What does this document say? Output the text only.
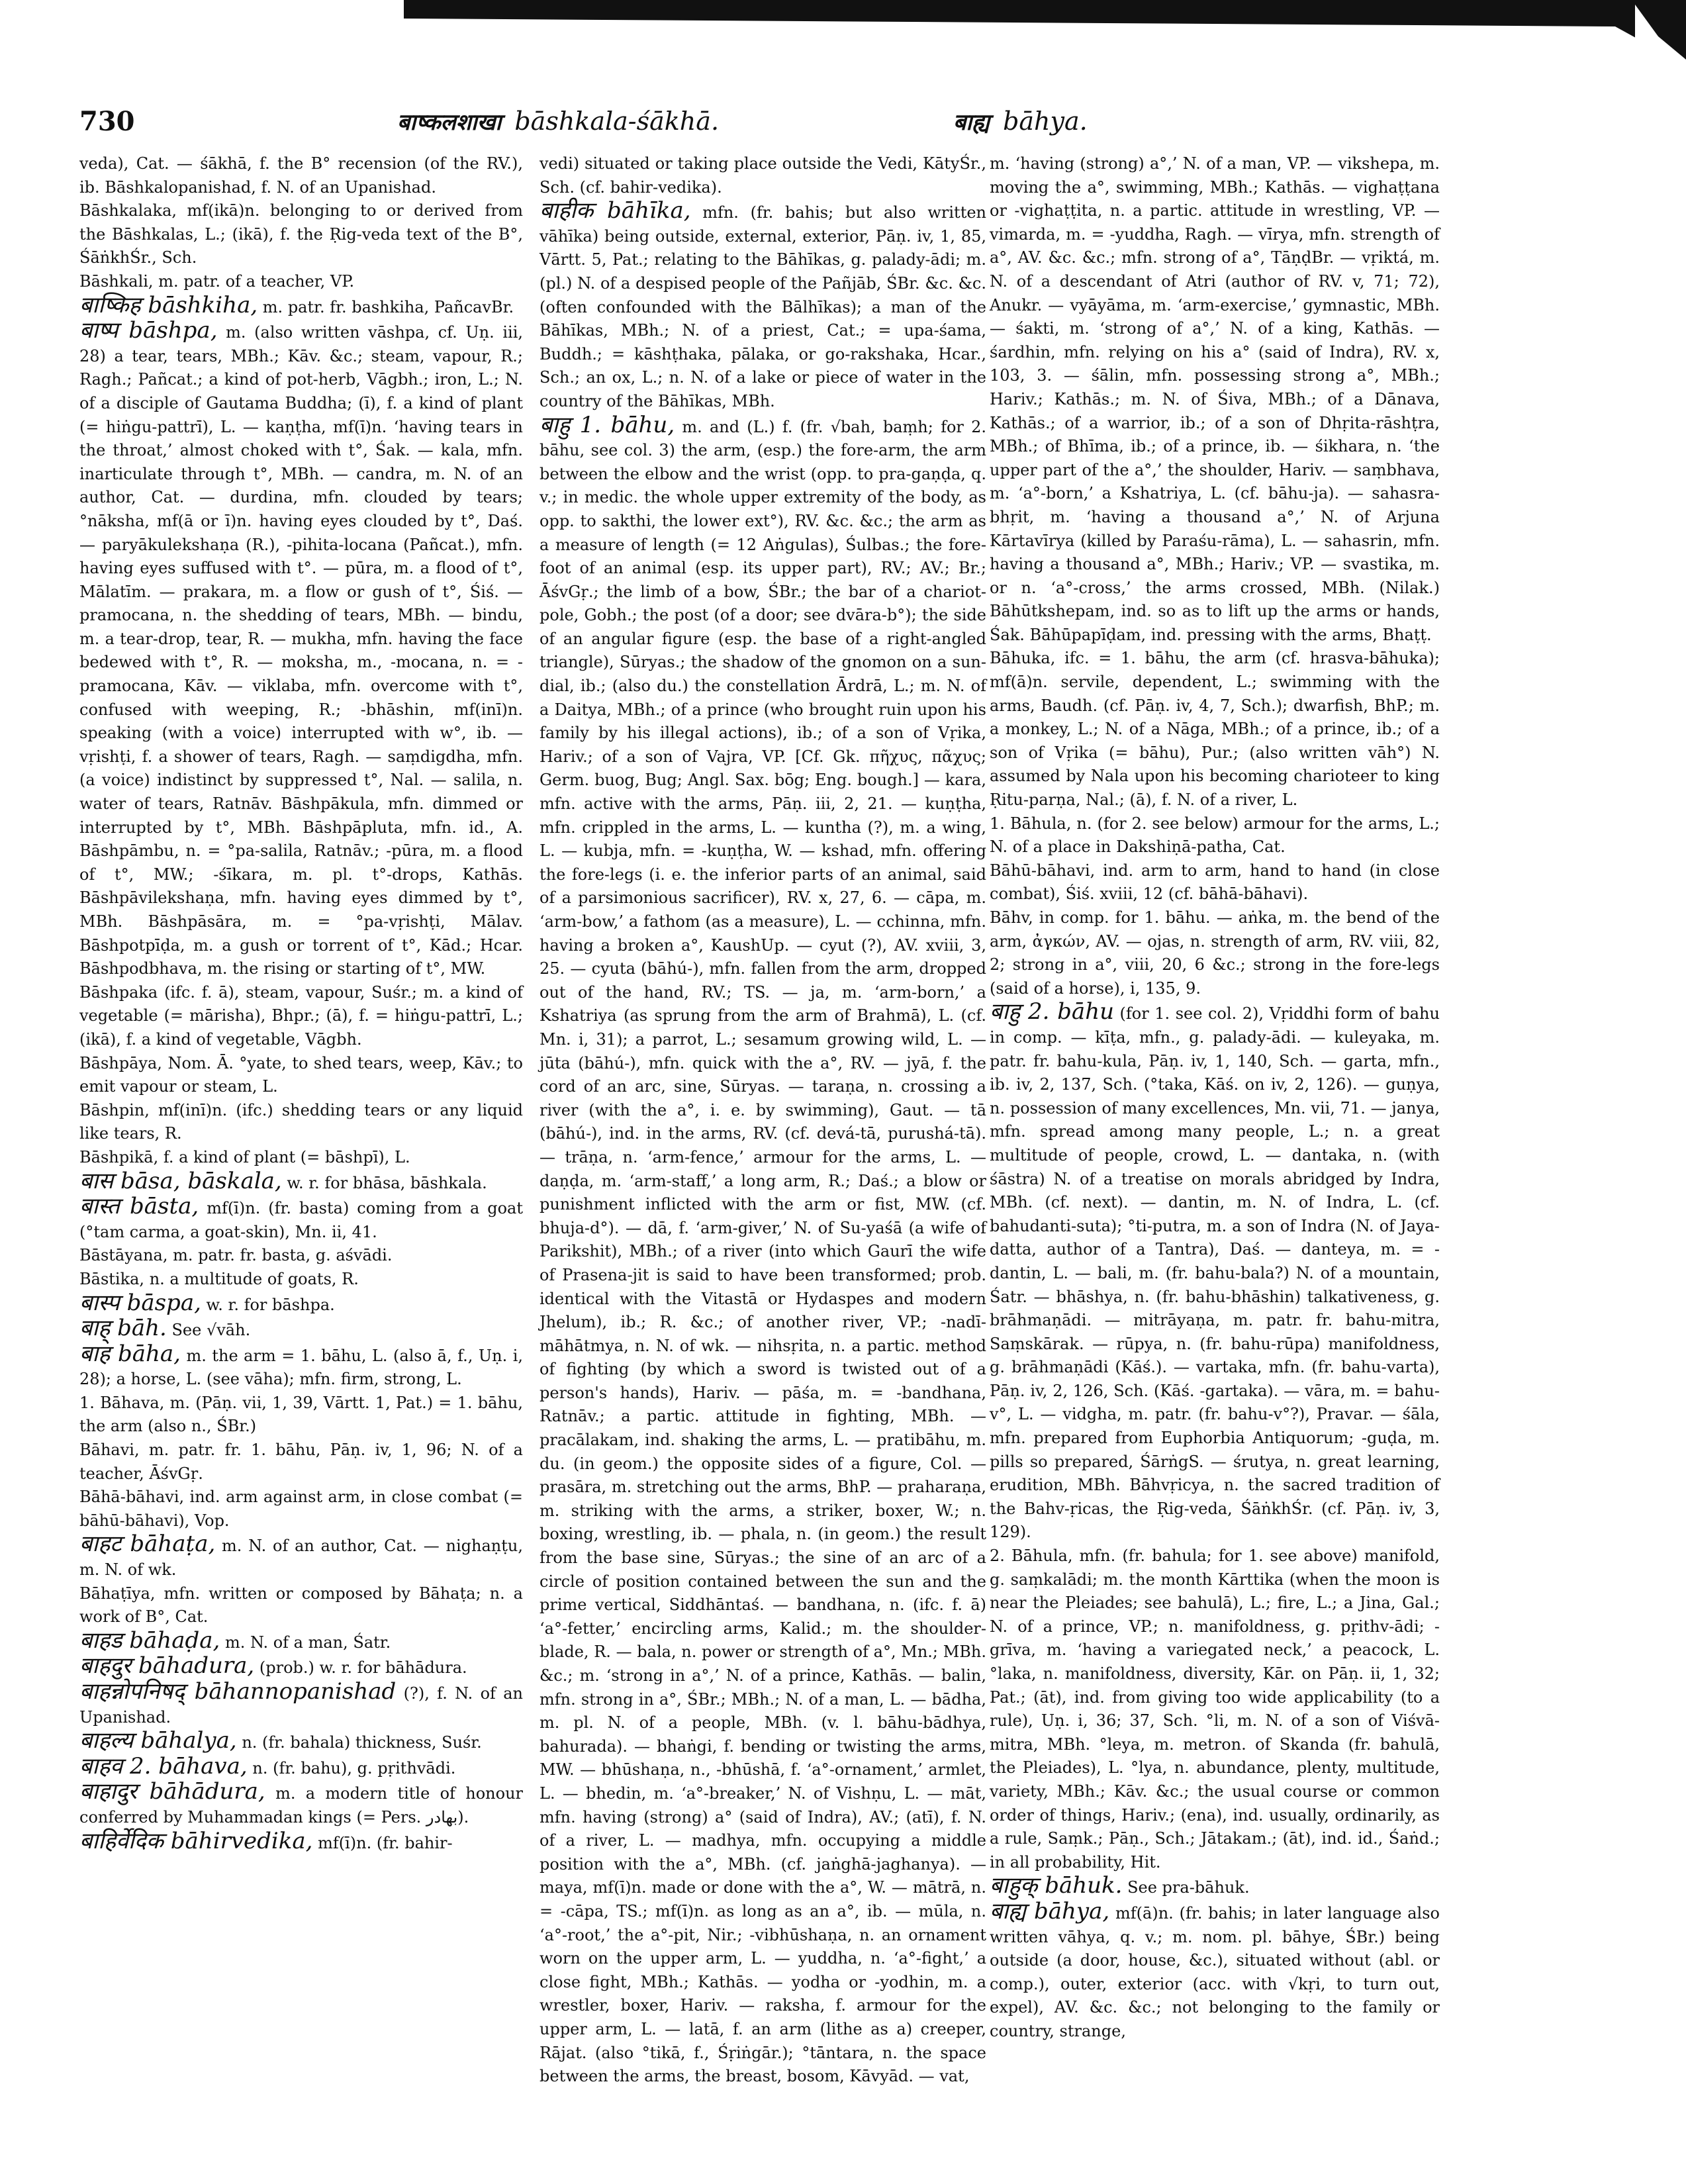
730	बाष्कलशाखा bāshkala-śākhā.	बाह्य bāhya.

veda), Cat. — śākhā, f. the B° recension (of the RV.), ib. Bāshkalopanishad, f. N. of an Upanishad.

Bāshkalaka, mf(ikā)n. belonging to or derived from the Bāshkalas, L.; (ikā), f. the Ṛig-veda text of the B°, ŚāṅkhŚr., Sch.

Bāshkali, m. patr. of a teacher, VP.

बाष्किह bāshkiha, m. patr. fr. bashkiha, PañcavBr.

बाष्प bāshpa, m. (also written vāshpa, cf. Uṇ. iii, 28) a tear, tears, MBh.; Kāv. &c.; steam, vapour, R.; Ragh.; Pañcat.; a kind of pot-herb, Vāgbh.; iron, L.; N. of a disciple of Gautama Buddha; (ī), f. a kind of plant (= hiṅgu-pattrī), L. — kaṇṭha, mf(ī)n. ‘having tears in the throat,’ almost choked with t°, Śak. — kala, mfn. inarticulate through t°, MBh. — candra, m. N. of an author, Cat. — durdina, mfn. clouded by tears; °nāksha, mf(ā or ī)n. having eyes clouded by t°, Daś. — paryākulekshaṇa (R.), -pihita-locana (Pañcat.), mfn. having eyes suffused with t°. — pūra, m. a flood of t°, Mālatīm. — prakara, m. a flow or gush of t°, Śiś. — pramocana, n. the shedding of tears, MBh. — bindu, m. a tear-drop, tear, R. — mukha, mfn. having the face bedewed with t°, R. — moksha, m., -mocana, n. = -pramocana, Kāv. — viklaba, mfn. overcome with t°, confused with weeping, R.; -bhāshin, mf(inī)n. speaking (with a voice) interrupted with w°, ib. — vṛishṭi, f. a shower of tears, Ragh. — saṃdigdha, mfn. (a voice) indistinct by suppressed t°, Nal. — salila, n. water of tears, Ratnāv. Bāshpākula, mfn. dimmed or interrupted by t°, MBh. Bāshpāpluta, mfn. id., A. Bāshpāmbu, n. = °pa-salila, Ratnāv.; -pūra, m. a flood of t°, MW.; -śīkara, m. pl. t°-drops, Kathās. Bāshpāvilekshaṇa, mfn. having eyes dimmed by t°, MBh. Bāshpāsāra, m. = °pa-vṛishṭi, Mālav. Bāshpotpīḍa, m. a gush or torrent of t°, Kād.; Hcar. Bāshpodbhava, m. the rising or starting of t°, MW.

Bāshpaka (ifc. f. ā), steam, vapour, Suśr.; m. a kind of vegetable (= mārisha), Bhpr.; (ā), f. = hiṅgu-pattrī, L.; (ikā), f. a kind of vegetable, Vāgbh.

Bāshpāya, Nom. Ā. °yate, to shed tears, weep, Kāv.; to emit vapour or steam, L.

Bāshpin, mf(inī)n. (ifc.) shedding tears or any liquid like tears, R.

Bāshpikā, f. a kind of plant (= bāshpī), L.

बास bāsa, bāskala, w. r. for bhāsa, bāshkala.

बास्त bāsta, mf(ī)n. (fr. basta) coming from a goat (°tam carma, a goat-skin), Mn. ii, 41.

Bāstāyana, m. patr. fr. basta, g. aśvādi.

Bāstika, n. a multitude of goats, R.

बास्प bāspa, w. r. for bāshpa.

बाह् bāh. See √vāh.

बाह bāha, m. the arm = 1. bāhu, L. (also ā, f., Uṇ. i, 28); a horse, L. (see vāha); mfn. firm, strong, L.

1. Bāhava, m. (Pāṇ. vii, 1, 39, Vārtt. 1, Pat.) = 1. bāhu, the arm (also n., ŚBr.)

Bāhavi, m. patr. fr. 1. bāhu, Pāṇ. iv, 1, 96; N. of a teacher, ĀśvGṛ.

Bāhā-bāhavi, ind. arm against arm, in close combat (= bāhū-bāhavi), Vop.

बाहट bāhaṭa, m. N. of an author, Cat. — nighaṇṭu, m. N. of wk.

Bāhaṭīya, mfn. written or composed by Bāhaṭa; n. a work of B°, Cat.

बाहड bāhaḍa, m. N. of a man, Śatr.

बाहदुर bāhadura, (prob.) w. r. for bāhādura.

बाहन्नोपनिषद् bāhannopanishad (?), f. N. of an Upanishad.

बाहल्य bāhalya, n. (fr. bahala) thickness, Suśr.

बाहव 2. bāhava, n. (fr. bahu), g. pṛithvādi.

बाहादुर bāhādura, m. a modern title of honour conferred by Muhammadan kings (= Pers. بهادر).

बाहिर्वेदिक bāhirvedika, mf(ī)n. (fr. bahir-

vedi) situated or taking place outside the Vedi, KātyŚr., Sch. (cf. bahir-vedika).

बाहीक bāhīka, mfn. (fr. bahis; but also written vāhīka) being outside, external, exterior, Pāṇ. iv, 1, 85, Vārtt. 5, Pat.; relating to the Bāhīkas, g. palady-ādi; m. (pl.) N. of a despised people of the Pañjāb, ŚBr. &c. &c. (often confounded with the Bālhīkas); a man of the Bāhīkas, MBh.; N. of a priest, Cat.; = upa-śama, Buddh.; = kāshṭhaka, pālaka, or go-rakshaka, Hcar., Sch.; an ox, L.; n. N. of a lake or piece of water in the country of the Bāhīkas, MBh.

बाहु 1. bāhu, m. and (L.) f. (fr. √bah, baṃh; for 2. bāhu, see col. 3) the arm, (esp.) the fore-arm, the arm between the elbow and the wrist (opp. to pra-gaṇḍa, q. v.; in medic. the whole upper extremity of the body, as opp. to sakthi, the lower ext°), RV. &c. &c.; the arm as a measure of length (= 12 Aṅgulas), Śulbas.; the fore-foot of an animal (esp. its upper part), RV.; AV.; Br.; ĀśvGṛ.; the limb of a bow, ŚBr.; the bar of a chariot-pole, Gobh.; the post (of a door; see dvāra-b°); the side of an angular figure (esp. the base of a right-angled triangle), Sūryas.; the shadow of the gnomon on a sun-dial, ib.; (also du.) the constellation Ārdrā, L.; m. N. of a Daitya, MBh.; of a prince (who brought ruin upon his family by his illegal actions), ib.; of a son of Vṛika, Hariv.; of a son of Vajra, VP. [Cf. Gk. πῆχυς, πᾶχυς; Germ. buog, Bug; Angl. Sax. bōg; Eng. bough.] — kara, mfn. active with the arms, Pāṇ. iii, 2, 21. — kuṇṭha, mfn. crippled in the arms, L. — kuntha (?), m. a wing, L. — kubja, mfn. = -kuṇṭha, W. — kshad, mfn. offering the fore-legs (i. e. the inferior parts of an animal, said of a parsimonious sacrificer), RV. x, 27, 6. — cāpa, m. ‘arm-bow,’ a fathom (as a measure), L. — cchinna, mfn. having a broken a°, KaushUp. — cyut (?), AV. xviii, 3, 25. — cyuta (bāhú-), mfn. fallen from the arm, dropped out of the hand, RV.; TS. — ja, m. ‘arm-born,’ a Kshatriya (as sprung from the arm of Brahmā), L. (cf. Mn. i, 31); a parrot, L.; sesamum growing wild, L. — jūta (bāhú-), mfn. quick with the a°, RV. — jyā, f. the cord of an arc, sine, Sūryas. — taraṇa, n. crossing a river (with the a°, i. e. by swimming), Gaut. — tā (bāhú-), ind. in the arms, RV. (cf. devá-tā, purushá-tā). — trāṇa, n. ‘arm-fence,’ armour for the arms, L. — daṇḍa, m. ‘arm-staff,’ a long arm, R.; Daś.; a blow or punishment inflicted with the arm or fist, MW. (cf. bhuja-d°). — dā, f. ‘arm-giver,’ N. of Su-yaśā (a wife of Parikshit), MBh.; of a river (into which Gaurī the wife of Prasena-jit is said to have been transformed; prob. identical with the Vitastā or Hydaspes and modern Jhelum), ib.; R. &c.; of another river, VP.; -nadī-māhātmya, n. N. of wk. — nihsṛita, n. a partic. method of fighting (by which a sword is twisted out of a person's hands), Hariv. — pāśa, m. = -bandhana, Ratnāv.; a partic. attitude in fighting, MBh. — pracālakam, ind. shaking the arms, L. — pratibāhu, m. du. (in geom.) the opposite sides of a figure, Col. — prasāra, m. stretching out the arms, BhP. — praharaṇa, m. striking with the arms, a striker, boxer, W.; n. boxing, wrestling, ib. — phala, n. (in geom.) the result from the base sine, Sūryas.; the sine of an arc of a circle of position contained between the sun and the prime vertical, Siddhāntaś. — bandhana, n. (ifc. f. ā) ‘a°-fetter,’ encircling arms, Kalid.; m. the shoulder-blade, R. — bala, n. power or strength of a°, Mn.; MBh. &c.; m. ‘strong in a°,’ N. of a prince, Kathās. — balin, mfn. strong in a°, ŚBr.; MBh.; N. of a man, L. — bādha, m. pl. N. of a people, MBh. (v. l. bāhu-bādhya, bahurada). — bhaṅgi, f. bending or twisting the arms, MW. — bhūshaṇa, n., -bhūshā, f. ‘a°-ornament,’ armlet, L. — bhedin, m. ‘a°-breaker,’ N. of Vishṇu, L. — māt, mfn. having (strong) a° (said of Indra), AV.; (atī), f. N. of a river, L. — madhya, mfn. occupying a middle position with the a°, MBh. (cf. jaṅghā-jaghanya). — maya, mf(ī)n. made or done with the a°, W. — mātrā, n. = -cāpa, TS.; mf(ī)n. as long as an a°, ib. — mūla, n. ‘a°-root,’ the a°-pit, Nir.; -vibhūshaṇa, n. an ornament worn on the upper arm, L. — yuddha, n. ‘a°-fight,’ a close fight, MBh.; Kathās. — yodha or -yodhin, m. a wrestler, boxer, Hariv. — raksha, f. armour for the upper arm, L. — latā, f. an arm (lithe as a) creeper, Rājat. (also °tikā, f., Śṛiṅgār.); °tāntara, n. the space between the arms, the breast, bosom, Kāvyād. — vat,

m. ‘having (strong) a°,’ N. of a man, VP. — vikshepa, m. moving the a°, swimming, MBh.; Kathās. — vighaṭṭana or -vighaṭṭita, n. a partic. attitude in wrestling, VP. — vimarda, m. = -yuddha, Ragh. — vīrya, mfn. strength of a°, AV. &c. &c.; mfn. strong of a°, TāṇḍBr. — vṛiktá, m. N. of a descendant of Atri (author of RV. v, 71; 72), Anukr. — vyāyāma, m. ‘arm-exercise,’ gymnastic, MBh. — śakti, m. ‘strong of a°,’ N. of a king, Kathās. — śardhin, mfn. relying on his a° (said of Indra), RV. x, 103, 3. — śālin, mfn. possessing strong a°, MBh.; Hariv.; Kathās.; m. N. of Śiva, MBh.; of a Dānava, Kathās.; of a warrior, ib.; of a son of Dhṛita-rāshṭra, MBh.; of Bhīma, ib.; of a prince, ib. — śikhara, n. ‘the upper part of the a°,’ the shoulder, Hariv. — saṃbhava, m. ‘a°-born,’ a Kshatriya, L. (cf. bāhu-ja). — sahasra-bhṛit, m. ‘having a thousand a°,’ N. of Arjuna Kārtavīrya (killed by Paraśu-rāma), L. — sahasrin, mfn. having a thousand a°, MBh.; Hariv.; VP. — svastika, m. or n. ‘a°-cross,’ the arms crossed, MBh. (Nilak.) Bāhūtkshepam, ind. so as to lift up the arms or hands, Śak. Bāhūpapīḍam, ind. pressing with the arms, Bhaṭṭ.

Bāhuka, ifc. = 1. bāhu, the arm (cf. hrasva-bāhuka); mf(ā)n. servile, dependent, L.; swimming with the arms, Baudh. (cf. Pāṇ. iv, 4, 7, Sch.); dwarfish, BhP.; m. a monkey, L.; N. of a Nāga, MBh.; of a prince, ib.; of a son of Vṛika (= bāhu), Pur.; (also written vāh°) N. assumed by Nala upon his becoming charioteer to king Ṛitu-parṇa, Nal.; (ā), f. N. of a river, L.

1. Bāhula, n. (for 2. see below) armour for the arms, L.; N. of a place in Dakshiṇā-patha, Cat.

Bāhū-bāhavi, ind. arm to arm, hand to hand (in close combat), Śiś. xviii, 12 (cf. bāhā-bāhavi).

Bāhv, in comp. for 1. bāhu. — aṅka, m. the bend of the arm, ἀγκών, AV. — ojas, n. strength of arm, RV. viii, 82, 2; strong in a°, viii, 20, 6 &c.; strong in the fore-legs (said of a horse), i, 135, 9.

बाहु 2. bāhu (for 1. see col. 2), Vṛiddhi form of bahu in comp. — kīṭa, mfn., g. palady-ādi. — kuleyaka, m. patr. fr. bahu-kula, Pāṇ. iv, 1, 140, Sch. — garta, mfn., ib. iv, 2, 137, Sch. (°taka, Kāś. on iv, 2, 126). — guṇya, n. possession of many excellences, Mn. vii, 71. — janya, mfn. spread among many people, L.; n. a great multitude of people, crowd, L. — dantaka, n. (with śāstra) N. of a treatise on morals abridged by Indra, MBh. (cf. next). — dantin, m. N. of Indra, L. (cf. bahudanti-suta); °ti-putra, m. a son of Indra (N. of Jaya-datta, author of a Tantra), Daś. — danteya, m. = -dantin, L. — bali, m. (fr. bahu-bala?) N. of a mountain, Śatr. — bhāshya, n. (fr. bahu-bhāshin) talkativeness, g. brāhmaṇādi. — mitrāyaṇa, m. patr. fr. bahu-mitra, Saṃskārak. — rūpya, n. (fr. bahu-rūpa) manifoldness, g. brāhmaṇādi (Kāś.). — vartaka, mfn. (fr. bahu-varta), Pāṇ. iv, 2, 126, Sch. (Kāś. -gartaka). — vāra, m. = bahu-v°, L. — vidgha, m. patr. (fr. bahu-v°?), Pravar. — śāla, mfn. prepared from Euphorbia Antiquorum; -guḍa, m. pills so prepared, ŚārṅgS. — śrutya, n. great learning, erudition, MBh. Bāhvṛicya, n. the sacred tradition of the Bahv-ṛicas, the Ṛig-veda, ŚāṅkhŚr. (cf. Pāṇ. iv, 3, 129).

2. Bāhula, mfn. (fr. bahula; for 1. see above) manifold, g. saṃkalādi; m. the month Kārttika (when the moon is near the Pleiades; see bahulā), L.; fire, L.; a Jina, Gal.; N. of a prince, VP.; n. manifoldness, g. pṛithv-ādi; -grīva, m. ‘having a variegated neck,’ a peacock, L. °laka, n. manifoldness, diversity, Kār. on Pāṇ. ii, 1, 32; Pat.; (āt), ind. from giving too wide applicability (to a rule), Uṇ. i, 36; 37, Sch. °li, m. N. of a son of Viśvā-mitra, MBh. °leya, m. metron. of Skanda (fr. bahulā, the Pleiades), L. °lya, n. abundance, plenty, multitude, variety, MBh.; Kāv. &c.; the usual course or common order of things, Hariv.; (ena), ind. usually, ordinarily, as a rule, Saṃk.; Pāṇ., Sch.; Jātakam.; (āt), ind. id., Śaṅd.; in all probability, Hit.

बाहुक् bāhuk. See pra-bāhuk.

बाह्य bāhya, mf(ā)n. (fr. bahis; in later language also written vāhya, q. v.; m. nom. pl. bāhye, ŚBr.) being outside (a door, house, &c.), situated without (abl. or comp.), outer, exterior (acc. with √kṛi, to turn out, expel), AV. &c. &c.; not belonging to the family or country, strange,
